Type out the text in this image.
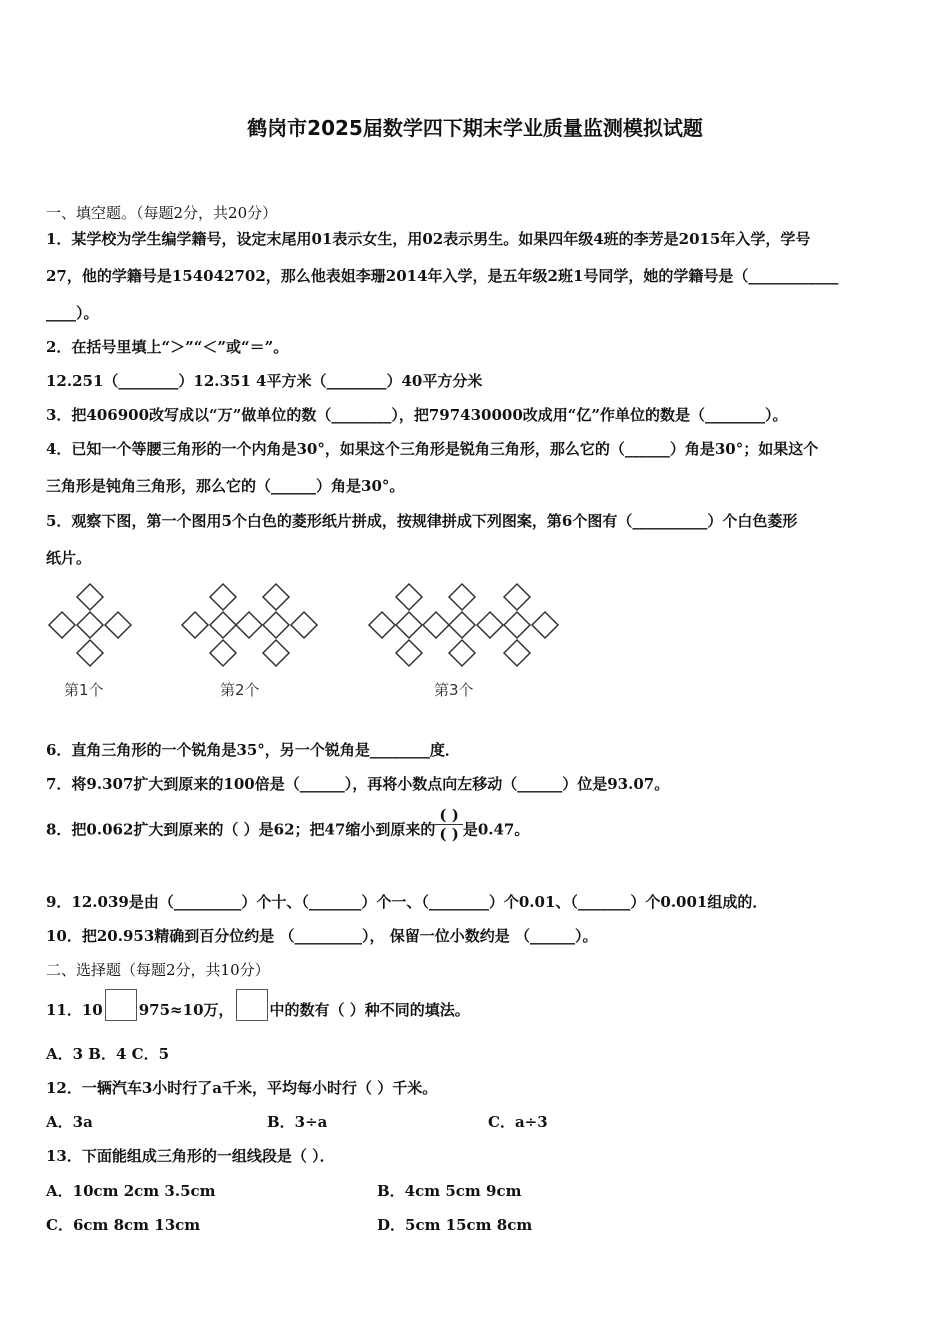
鹤岗市2025届数学四下期末学业质量监测模拟试题
一、填空题。（每题2分，共20分）
1．某学校为学生编学籍号，设定末尾用01表示女生，用02表示男生。如果四年级4班的李芳是2015年入学，学号
27，他的学籍号是154042702，那么他表姐李珊2014年入学，是五年级2班1号同学，她的学籍号是（____________
____）。
2．在括号里填上“＞”“＜”或“＝”。
12.251（________）12.351 4平方米（________）40平方分米
3．把406900改写成以“万”做单位的数（________），把797430000改成用“亿”作单位的数是（________）。
4．已知一个等腰三角形的一个内角是30°，如果这个三角形是锐角三角形，那么它的（______）角是30°；如果这个
三角形是钝角三角形，那么它的（______）角是30°。
5．观察下图，第一个图用5个白色的菱形纸片拼成，按规律拼成下列图案，第6个图有（__________）个白色菱形
纸片。
第1个	第2个	第3个
6．直角三角形的一个锐角是35°，另一个锐角是________度．
7．将9.307扩大到原来的100倍是（______），再将小数点向左移动（______）位是93.07。
8．把0.062扩大到原来的（ ）是62；把47缩小到原来的 $\frac{( )}{( )}$ 是0.47。
9．12.039是由（_________）个十、（_______）个一、（________）个0.01、（_______）个0.001组成的．
10．把20.953精确到百分位约是 （_________）， 保留一位小数约是 （______）。
二、选择题（每题2分，共10分）
11．10 975≈10万， 中的数有（ ）种不同的填法。
A．3 B．4 C．5
12．一辆汽车3小时行了a千米，平均每小时行（ ）千米。
A．3a	B．3÷a	C．a÷3
13．下面能组成三角形的一组线段是（ ）．
A．10cm 2cm 3.5cm	B．4cm 5cm 9cm
C．6cm 8cm 13cm	D．5cm 15cm 8cm
